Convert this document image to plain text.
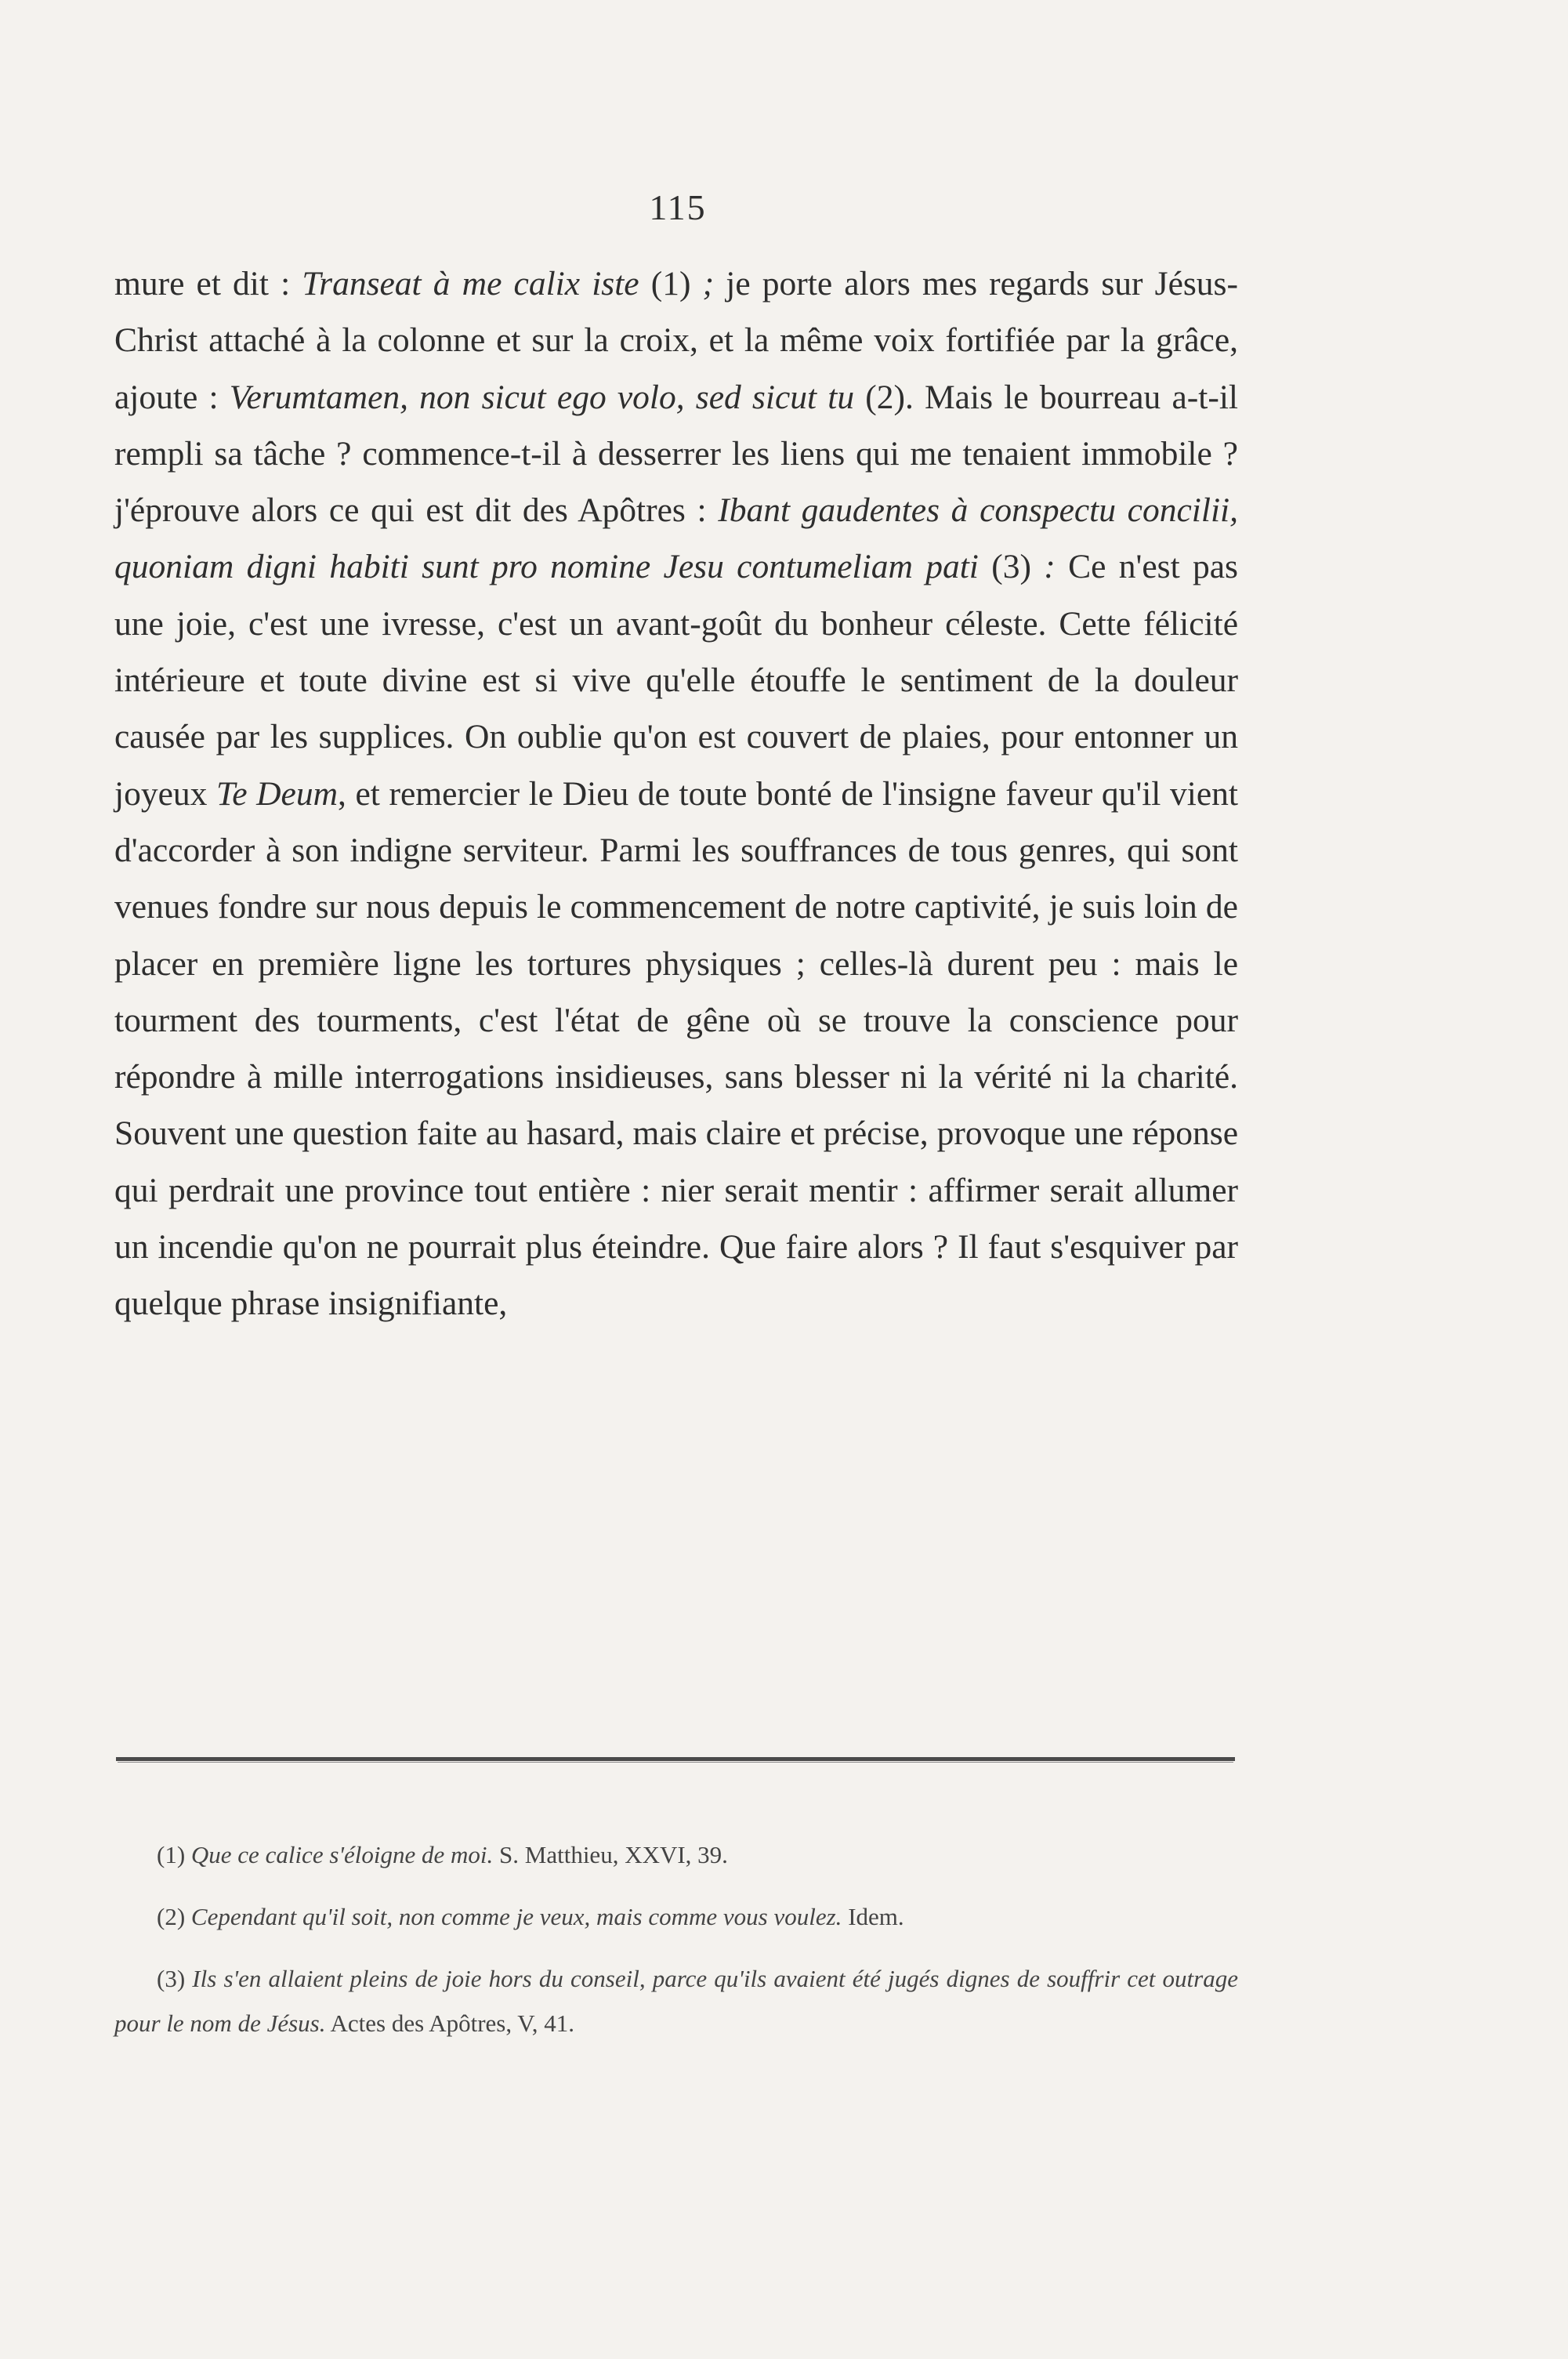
115

mure et dit : Transeat à me calix iste (1) ; je porte alors mes regards sur Jésus-Christ attaché à la colonne et sur la croix, et la même voix fortifiée par la grâce, ajoute : Verumtamen, non sicut ego volo, sed sicut tu (2). Mais le bourreau a-t-il rempli sa tâche ? commence-t-il à desserrer les liens qui me tenaient immobile ? j'éprouve alors ce qui est dit des Apôtres : Ibant gaudentes à conspectu concilii, quoniam digni habiti sunt pro nomine Jesu contumeliam pati (3) : Ce n'est pas une joie, c'est une ivresse, c'est un avant-goût du bonheur céleste. Cette félicité intérieure et toute divine est si vive qu'elle étouffe le sentiment de la douleur causée par les supplices. On oublie qu'on est couvert de plaies, pour entonner un joyeux Te Deum, et remercier le Dieu de toute bonté de l'insigne faveur qu'il vient d'accorder à son indigne serviteur. Parmi les souffrances de tous genres, qui sont venues fondre sur nous depuis le commencement de notre captivité, je suis loin de placer en première ligne les tortures physiques ; celles-là durent peu : mais le tourment des tourments, c'est l'état de gêne où se trouve la conscience pour répondre à mille interrogations insidieuses, sans blesser ni la vérité ni la charité. Souvent une question faite au hasard, mais claire et précise, provoque une réponse qui perdrait une province tout entière : nier serait mentir : affirmer serait allumer un incendie qu'on ne pourrait plus éteindre. Que faire alors ? Il faut s'esquiver par quelque phrase insignifiante,

(1) Que ce calice s'éloigne de moi. S. Matthieu, XXVI, 39.

(2) Cependant qu'il soit, non comme je veux, mais comme vous voulez. Idem.

(3) Ils s'en allaient pleins de joie hors du conseil, parce qu'ils avaient été jugés dignes de souffrir cet outrage pour le nom de Jésus. Actes des Apôtres, V, 41.
